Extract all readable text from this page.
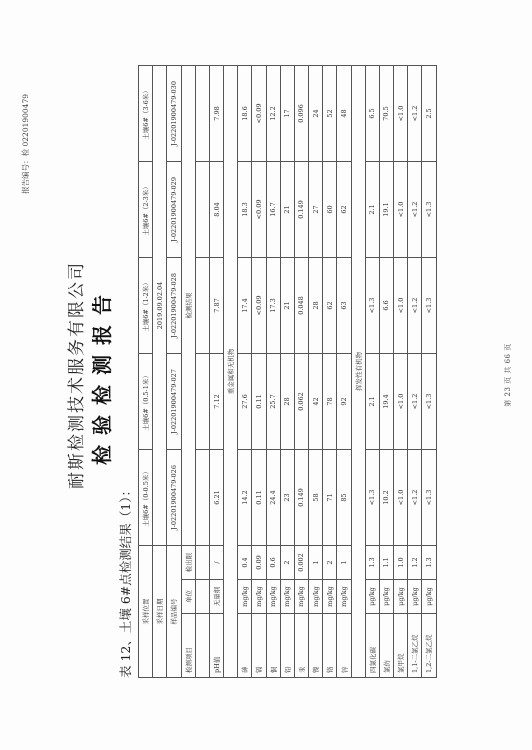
报告编号：检 02201900479
耐斯检测技术服务有限公司 检验检测报告
表 12、土壤 6#点检测结果（1）： 采样位置			土壤6#（0-0.5米）	土壤6#（0.5-1米）	土壤6#（1-2米）	土壤6#（2-3米）	土壤6#（3-6米）
采样日期			2019.09.02.04				
样品编号			J-02201900479-026	J-02201900479-027	J-02201900479-028	J-02201900479-029	J-02201900479-030
检测项目	单位	检出限	检测结果				

pH值	无量纲	/	6.21	7.12	7.87	8.04	7.98
重金属和无机物							
砷	mg/kg	0.4	14.2	27.6	17.4	18.3	18.6
镉	mg/kg	0.09	0.11	0.11	<0.09	<0.09	<0.09
铜	mg/kg	0.6	24.4	25.7	17.3	16.7	12.2
铅	mg/kg	2	23	28	21	21	17
汞	mg/kg	0.002	0.149	0.062	0.048	0.149	0.096
镍	mg/kg	1	58	42	28	27	24
铬	mg/kg	2	71	78	62	60	52
锌	mg/kg	1	85	92	63	62	48
挥发性有机物							
四氯化碳	μg/kg	1.3	<1.3	2.1	<1.3	2.1	6.5
氯仿	μg/kg	1.1	10.2	19.4	6.6	19.1	70.5
氯甲烷	μg/kg	1.0	<1.0	<1.0	<1.0	<1.0	<1.0
1,1-二氯乙烷	μg/kg	1.2	<1.2	<1.2	<1.2	<1.2	<1.2
1,2-二氯乙烷	μg/kg	1.3	<1.3	<1.3	<1.3	<1.3	2.5
第 23 页 共 66 页
